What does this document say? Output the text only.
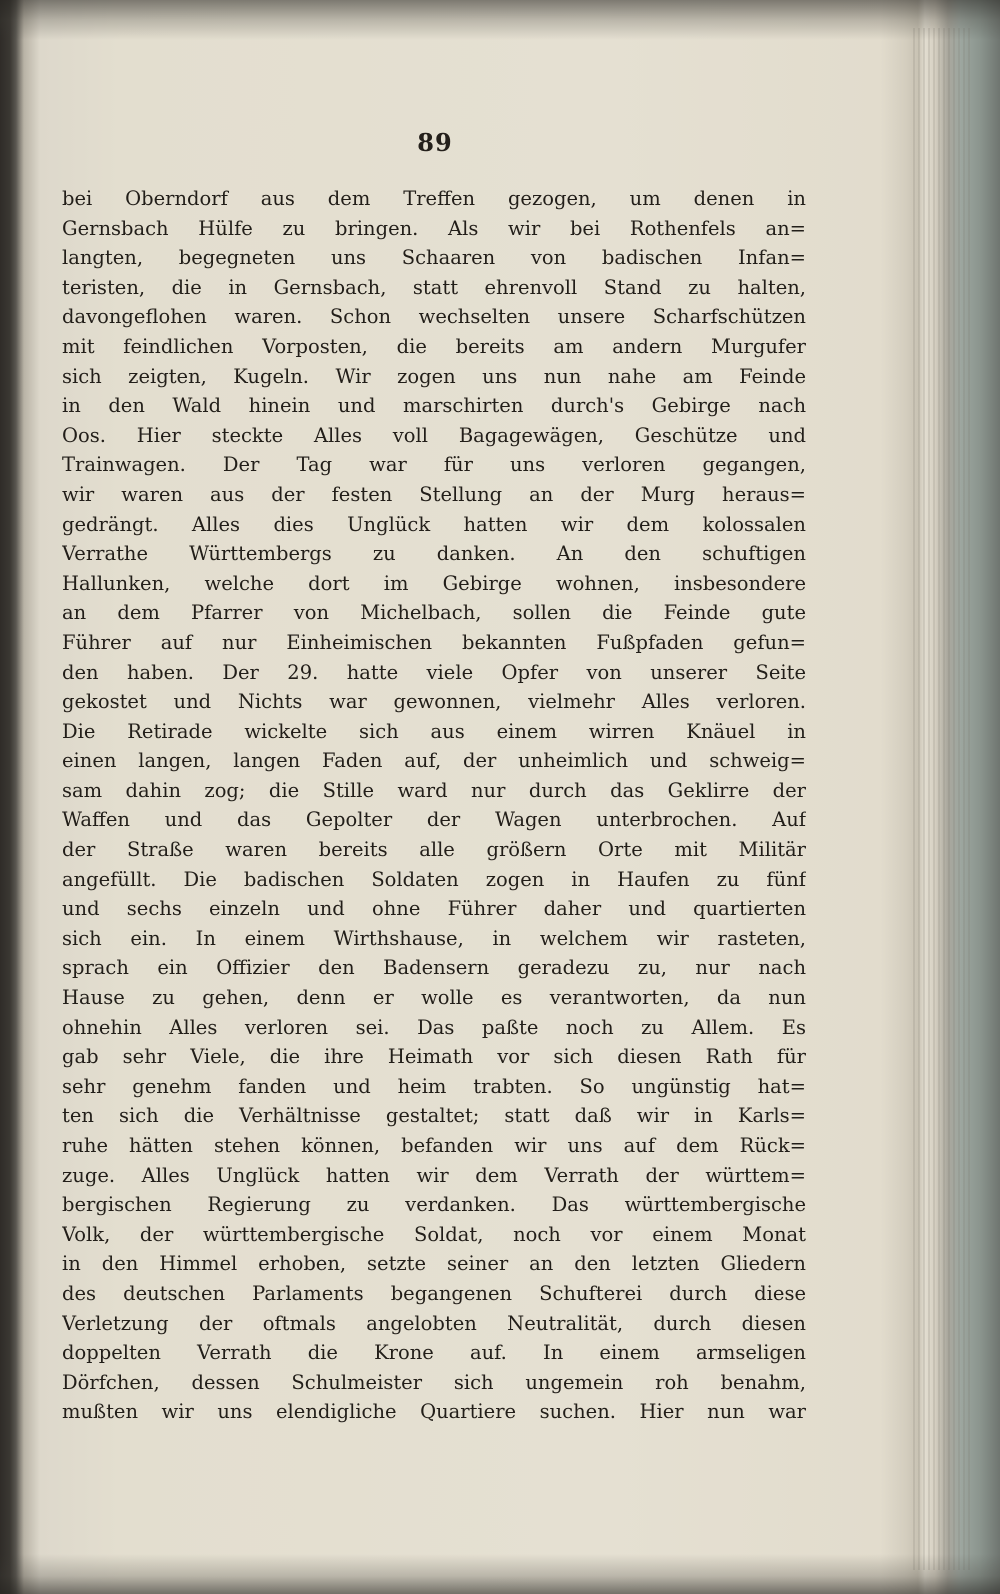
89
bei Oberndorf aus dem Treffen gezogen, um denen in
Gernsbach Hülfe zu bringen. Als wir bei Rothenfels an=
langten, begegneten uns Schaaren von badischen Infan=
teristen, die in Gernsbach, statt ehrenvoll Stand zu halten,
davongeflohen waren. Schon wechselten unsere Scharfschützen
mit feindlichen Vorposten, die bereits am andern Murgufer
sich zeigten, Kugeln. Wir zogen uns nun nahe am Feinde
in den Wald hinein und marschirten durch's Gebirge nach
Oos. Hier steckte Alles voll Bagagewägen, Geschütze und
Trainwagen. Der Tag war für uns verloren gegangen,
wir waren aus der festen Stellung an der Murg heraus=
gedrängt. Alles dies Unglück hatten wir dem kolossalen
Verrathe Württembergs zu danken. An den schuftigen
Hallunken, welche dort im Gebirge wohnen, insbesondere
an dem Pfarrer von Michelbach, sollen die Feinde gute
Führer auf nur Einheimischen bekannten Fußpfaden gefun=
den haben. Der 29. hatte viele Opfer von unserer Seite
gekostet und Nichts war gewonnen, vielmehr Alles verloren.
Die Retirade wickelte sich aus einem wirren Knäuel in
einen langen, langen Faden auf, der unheimlich und schweig=
sam dahin zog; die Stille ward nur durch das Geklirre der
Waffen und das Gepolter der Wagen unterbrochen. Auf
der Straße waren bereits alle größern Orte mit Militär
angefüllt. Die badischen Soldaten zogen in Haufen zu fünf
und sechs einzeln und ohne Führer daher und quartierten
sich ein. In einem Wirthshause, in welchem wir rasteten,
sprach ein Offizier den Badensern geradezu zu, nur nach
Hause zu gehen, denn er wolle es verantworten, da nun
ohnehin Alles verloren sei. Das paßte noch zu Allem. Es
gab sehr Viele, die ihre Heimath vor sich diesen Rath für
sehr genehm fanden und heim trabten. So ungünstig hat=
ten sich die Verhältnisse gestaltet; statt daß wir in Karls=
ruhe hätten stehen können, befanden wir uns auf dem Rück=
zuge. Alles Unglück hatten wir dem Verrath der württem=
bergischen Regierung zu verdanken. Das württembergische
Volk, der württembergische Soldat, noch vor einem Monat
in den Himmel erhoben, setzte seiner an den letzten Gliedern
des deutschen Parlaments begangenen Schufterei durch diese
Verletzung der oftmals angelobten Neutralität, durch diesen
doppelten Verrath die Krone auf. In einem armseligen
Dörfchen, dessen Schulmeister sich ungemein roh benahm,
mußten wir uns elendigliche Quartiere suchen. Hier nun war
